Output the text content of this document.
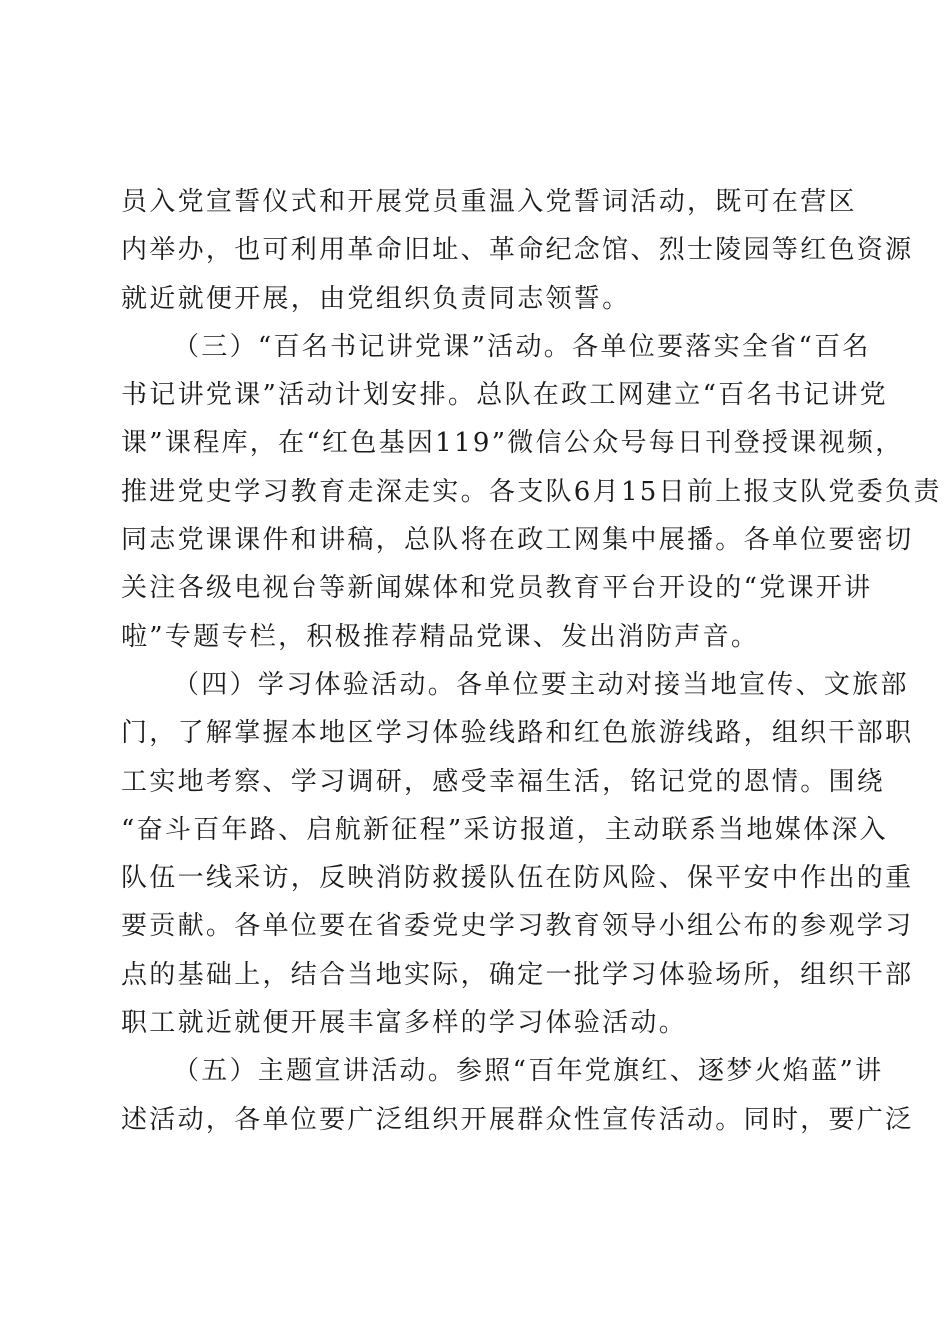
员入党宣誓仪式和开展党员重温入党誓词活动，既可在营区
内举办，也可利用革命旧址、革命纪念馆、烈士陵园等红色资源
就近就便开展，由党组织负责同志领誓。

（三）“百名书记讲党课”活动。各单位要落实全省“百名
书记讲党课”活动计划安排。总队在政工网建立“百名书记讲党
课”课程库，在“红色基因119”微信公众号每日刊登授课视频，
推进党史学习教育走深走实。各支队6月15日前上报支队党委负责
同志党课课件和讲稿，总队将在政工网集中展播。各单位要密切
关注各级电视台等新闻媒体和党员教育平台开设的“党课开讲
啦”专题专栏，积极推荐精品党课、发出消防声音。

（四）学习体验活动。各单位要主动对接当地宣传、文旅部
门，了解掌握本地区学习体验线路和红色旅游线路，组织干部职
工实地考察、学习调研，感受幸福生活，铭记党的恩情。围绕
“奋斗百年路、启航新征程”采访报道，主动联系当地媒体深入
队伍一线采访，反映消防救援队伍在防风险、保平安中作出的重
要贡献。各单位要在省委党史学习教育领导小组公布的参观学习
点的基础上，结合当地实际，确定一批学习体验场所，组织干部
职工就近就便开展丰富多样的学习体验活动。

（五）主题宣讲活动。参照“百年党旗红、逐梦火焰蓝”讲
述活动，各单位要广泛组织开展群众性宣传活动。同时，要广泛
